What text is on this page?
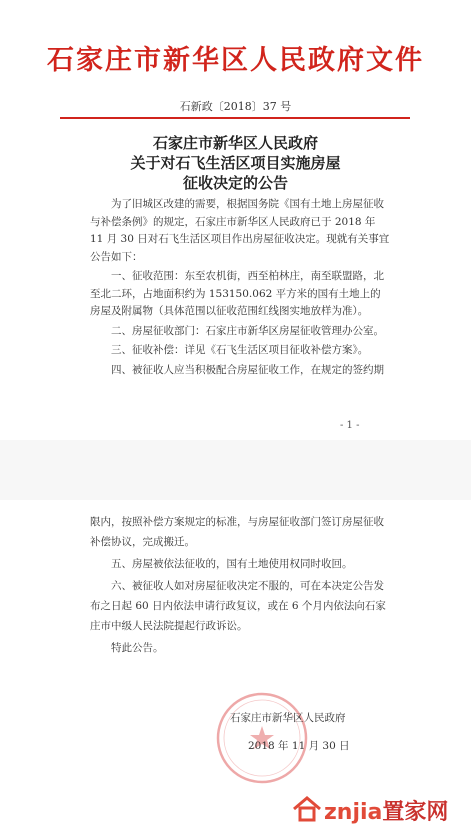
石家庄市新华区人民政府文件
石新政〔2018〕37 号
石家庄市新华区人民政府
关于对石飞生活区项目实施房屋
征收决定的公告

为了旧城区改建的需要，根据国务院《国有土地上房屋征收与补偿条例》的规定，石家庄市新华区人民政府已于 2018 年 11 月 30 日对石飞生活区项目作出房屋征收决定。现就有关事宜公告如下：

一、征收范围：东至农机街，西至柏林庄，南至联盟路，北至北二环，占地面积约为 153150.062 平方米的国有土地上的房屋及附属物（具体范围以征收范围红线图实地放样为准）。

二、房屋征收部门：石家庄市新华区房屋征收管理办公室。

三、征收补偿：详见《石飞生活区项目征收补偿方案》。

四、被征收人应当积极配合房屋征收工作，在规定的签约期

- 1 -

限内，按照补偿方案规定的标准，与房屋征收部门签订房屋征收补偿协议，完成搬迁。

五、房屋被依法征收的，国有土地使用权同时收回。

六、被征收人如对房屋征收决定不服的，可在本决定公告发布之日起 60 日内依法申请行政复议，或在 6 个月内依法向石家庄市中级人民法院提起行政诉讼。

特此公告。

石家庄市新华区人民政府
2018 年 11 月 30 日
znjia置家网
